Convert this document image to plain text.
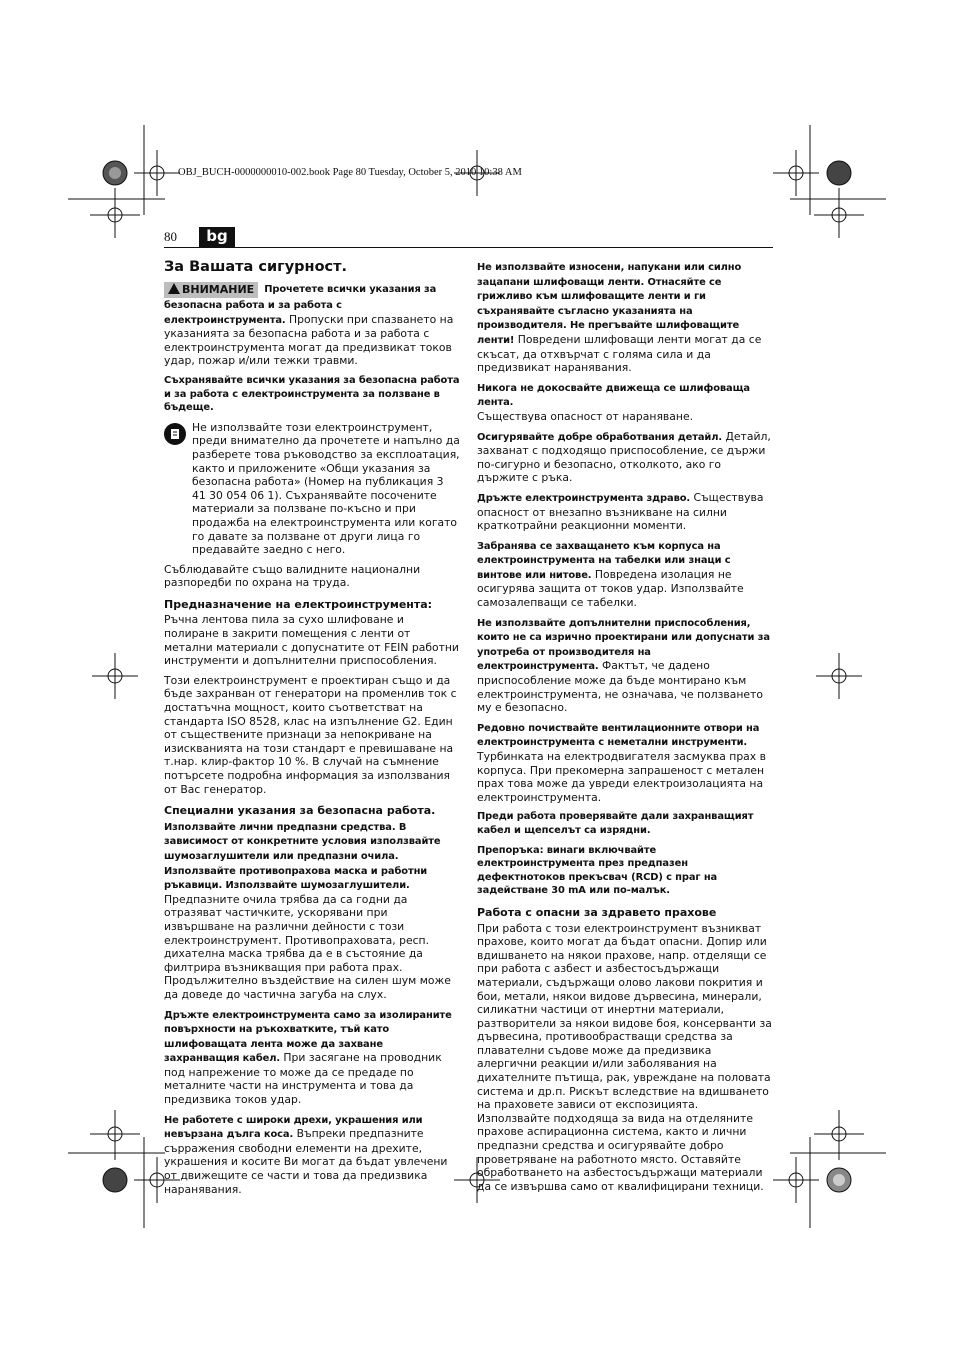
OBJ_BUCH-0000000010-002.book Page 80 Tuesday, October 5, 2010 10:38 AM
80	bg
За Вашата сигурност.

ВНИМАНИЕ Прочетете всички указания за безопасна работа и за работа с електроинструмента. Пропуски при спазването на указанията за безопасна работа и за работа с електроинструмента могат да предизвикат токов удар, пожар и/или тежки травми.

Съхранявайте всички указания за безопасна работа и за работа с електроинструмента за ползване в бъдеще.

Не използвайте този електроинструмент, преди внимателно да прочетете и напълно да разберете това ръководство за експлоатация, както и приложените «Общи указания за безопасна работа» (Номер на публикация 3 41 30 054 06 1). Съхранявайте посочените материали за ползване по-късно и при продажба на електроинструмента или когато го давате за ползване от други лица го предавайте заедно с него.

Съблюдавайте също валидните национални разпоредби по охрана на труда.

Предназначение на електроинструмента:

Ръчна лентова пила за сухо шлифоване и полиране в закрити помещения с ленти от метални материали с допуснатите от FEIN работни инструменти и допълнителни приспособления.

Този електроинструмент е проектиран също и да бъде захранван от генератори на променлив ток с достатъчна мощност, които съответстват на стандарта ISO 8528, клас на изпълнение G2. Един от съществените признаци за непокриване на изискванията на този стандарт е превишаване на т.нар. клир-фактор 10 %. В случай на съмнение потърсете подробна информация за използвания от Вас генератор.

Специални указания за безопасна работа.

Използвайте лични предпазни средства. В зависимост от конкретните условия използвайте шумозаглушители или предпазни очила. Използвайте противопрахова маска и работни ръкавици. Използвайте шумозаглушители. Предпазните очила трябва да са годни да отразяват частичките, ускорявани при извършване на различни дейности с този електроинструмент. Противопраховата, респ. дихателна маска трябва да е в състояние да филтрира възникващия при работа прах. Продължително въздействие на силен шум може да доведе до частична загуба на слух.

Дръжте електроинструмента само за изолираните повърхности на ръкохватките, тъй като шлифоващата лента може да захване захранващия кабел. При засягане на проводник под напрежение то може да се предаде по металните части на инструмента и това да предизвика токов удар.

Не работете с широки дрехи, украшения или невързана дълга коса. Въпреки предпазните сърражения свободни елементи на дрехите, украшения и косите Ви могат да бъдат увлечени от движещите се части и това да предизвика наранявания.

Не използвайте износени, напукани или силно зацапани шлифоващи ленти. Отнасяйте се грижливо към шлифоващите ленти и ги съхранявайте съгласно указанията на производителя. Не прегъвайте шлифоващите ленти! Повредени шлифоващи ленти могат да се скъсат, да отхвърчат с голяма сила и да предизвикат наранявания.

Никога не докосвайте движеща се шлифоваща лента.
Съществува опасност от нараняване.

Осигурявайте добре обработвания детайл. Детайл, захванат с подходящо приспособление, се държи по-сигурно и безопасно, отколкото, ако го държите с ръка.

Дръжте електроинструмента здраво. Съществува опасност от внезапно възникване на силни краткотрайни реакционни моменти.

Забранява се захващането към корпуса на електроинструмента на табелки или знаци с винтове или нитове. Повредена изолация не осигурява защита от токов удар. Използвайте самозалепващи се табелки.

Не използвайте допълнителни приспособления, които не са изрично проектирани или допуснати за употреба от производителя на електроинструмента. Фактът, че дадено приспособление може да бъде монтирано към електроинструмента, не означава, че ползването му е безопасно.

Редовно почиствайте вентилационните отвори на електроинструмента с неметални инструменти.
Турбинката на електродвигателя засмуква прах в корпуса. При прекомерна запрашеност с метален прах това може да увреди електроизолацията на електроинструмента.

Преди работа проверявайте дали захранващият кабел и щепселът са изрядни.

Препоръка: винаги включвайте електроинструмента през предпазен дефектнотоков прекъсвач (RCD) с праг на задействане 30 mA или по-малък.

Работа с опасни за здравето прахове

При работа с този електроинструмент възникват прахове, които могат да бъдат опасни. Допир или вдишването на някои прахове, напр. отделящи се при работа с азбест и азбестосъдържащи материали, съдържащи олово лакови покрития и бои, метали, някои видове дървесина, минерали, силикатни частици от инертни материали, разтворители за някои видове боя, консерванти за дървесина, противообрастващи средства за плавателни съдове може да предизвика алергични реакции и/или заболявания на дихателните пътища, рак, увреждане на половата система и др.п. Рискът вследствие на вдишването на праховете зависи от експозицията. Използвайте подходяща за вида на отделяните прахове аспирационна система, както и лични предпазни средства и осигурявайте добро проветряване на работното място. Оставяйте обработването на азбестосъдържащи материали да се извършва само от квалифицирани техници.
